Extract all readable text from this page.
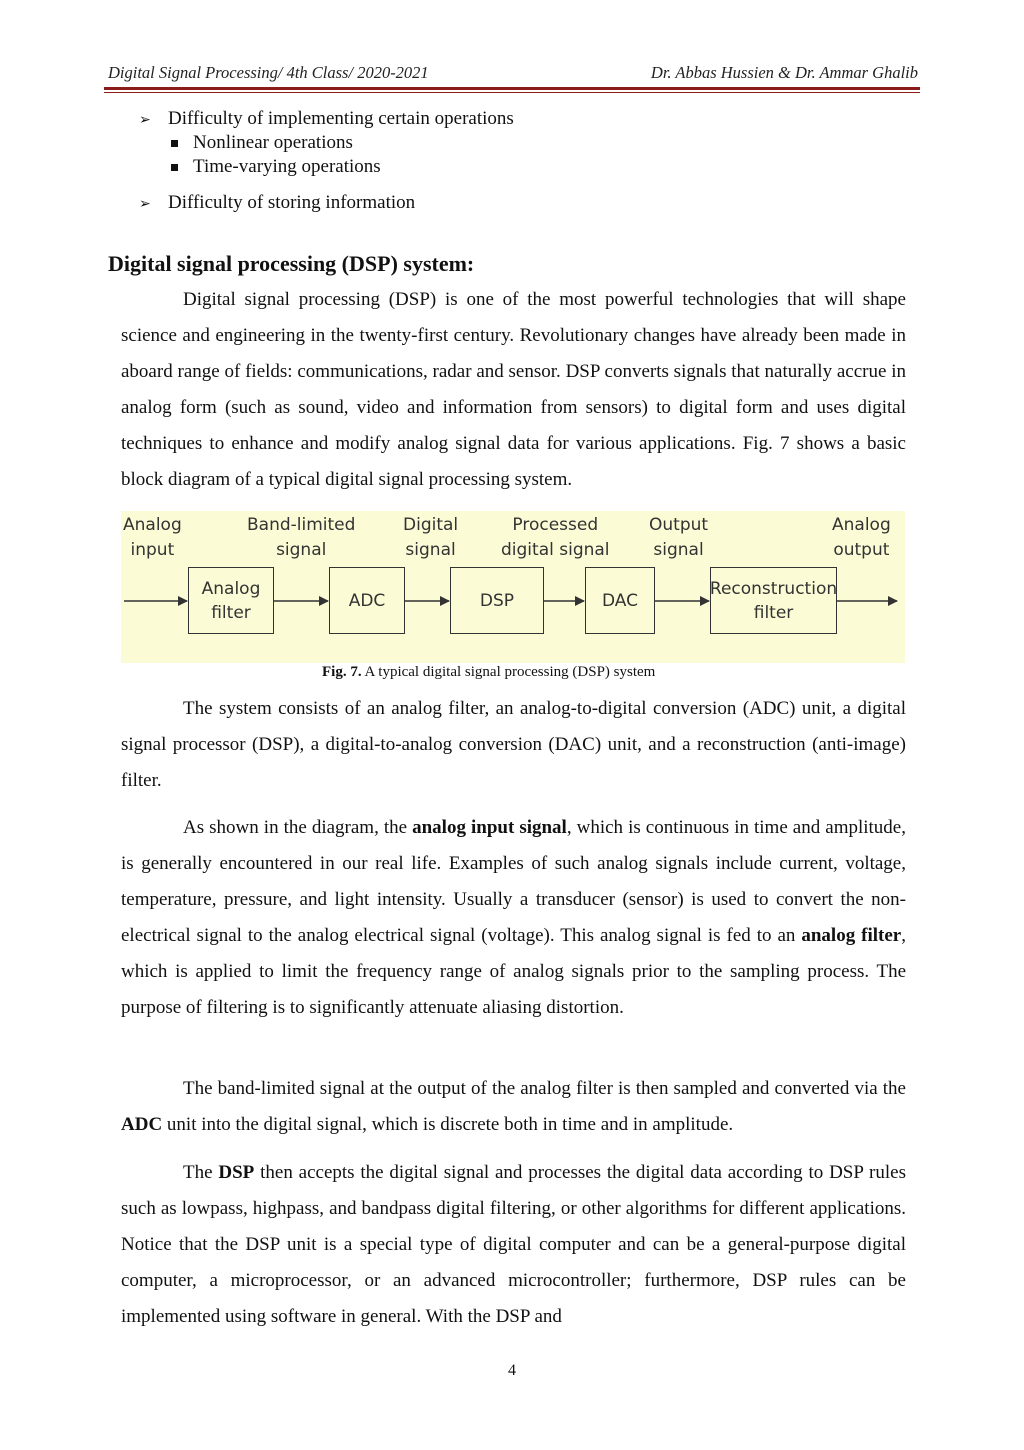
Digital Signal Processing/ 4th Class/ 2020-2021	Dr. Abbas Hussien & Dr. Ammar Ghalib
➢ Difficulty of implementing certain operations
Nonlinear operations
Time-varying operations
➢ Difficulty of storing information
Digital signal processing (DSP) system:

Digital signal processing (DSP) is one of the most powerful technologies that will shape science and engineering in the twenty-first century. Revolutionary changes have already been made in aboard range of fields: communications, radar and sensor. DSP converts signals that naturally accrue in analog form (such as sound, video and information from sensors) to digital form and uses digital techniques to enhance and modify analog signal data for various applications. Fig. 7 shows a basic block diagram of a typical digital signal processing system.

Analog
input
Band-limited
signal
Digital
signal
Processed
digital signal
Output
signal
Analog
output
Analog
filter
ADC	DSP	DAC
Reconstruction
filter
Fig. 7. A typical digital signal processing (DSP) system

The system consists of an analog filter, an analog-to-digital conversion (ADC) unit, a digital signal processor (DSP), a digital-to-analog conversion (DAC) unit, and a reconstruction (anti-image) filter.

As shown in the diagram, the analog input signal, which is continuous in time and amplitude, is generally encountered in our real life. Examples of such analog signals include current, voltage, temperature, pressure, and light intensity. Usually a transducer (sensor) is used to convert the non-electrical signal to the analog electrical signal (voltage). This analog signal is fed to an analog filter, which is applied to limit the frequency range of analog signals prior to the sampling process. The purpose of filtering is to significantly attenuate aliasing distortion.

The band-limited signal at the output of the analog filter is then sampled and converted via the ADC unit into the digital signal, which is discrete both in time and in amplitude.

The DSP then accepts the digital signal and processes the digital data according to DSP rules such as lowpass, highpass, and bandpass digital filtering, or other algorithms for different applications. Notice that the DSP unit is a special type of digital computer and can be a general-purpose digital computer, a microprocessor, or an advanced microcontroller; furthermore, DSP rules can be implemented using software in general. With the DSP and

4
